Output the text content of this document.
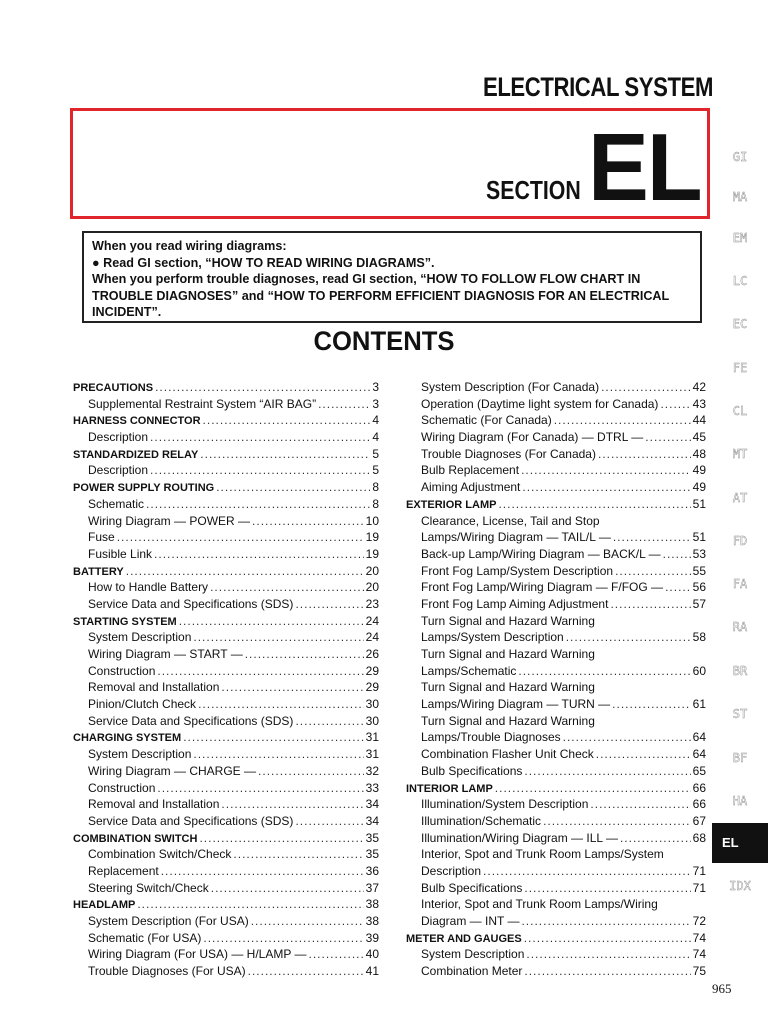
ELECTRICAL SYSTEM
SECTION EL
When you read wiring diagrams:
● Read GI section, “HOW TO READ WIRING DIAGRAMS”.
When you perform trouble diagnoses, read GI section, “HOW TO FOLLOW FLOW CHART IN
TROUBLE DIAGNOSES” and “HOW TO PERFORM EFFICIENT DIAGNOSIS FOR AN ELECTRICAL
INCIDENT”.
CONTENTS
PRECAUTIONS .....	3
Supplemental Restraint System “AIR BAG” .....	3
HARNESS CONNECTOR .....	4
Description .....	4
STANDARDIZED RELAY .....	5
Description .....	5
POWER SUPPLY ROUTING .....	8
Schematic .....	8
Wiring Diagram — POWER — .....	10
Fuse .....	19
Fusible Link .....	19
BATTERY .....	20
How to Handle Battery .....	20
Service Data and Specifications (SDS) .....	23
STARTING SYSTEM .....	24
System Description .....	24
Wiring Diagram — START — .....	26
Construction .....	29
Removal and Installation .....	29
Pinion/Clutch Check .....	30
Service Data and Specifications (SDS) .....	30
CHARGING SYSTEM .....	31
System Description .....	31
Wiring Diagram — CHARGE — .....	32
Construction .....	33
Removal and Installation .....	34
Service Data and Specifications (SDS) .....	34
COMBINATION SWITCH .....	35
Combination Switch/Check .....	35
Replacement .....	36
Steering Switch/Check .....	37
HEADLAMP .....	38
System Description (For USA) .....	38
Schematic (For USA) .....	39
Wiring Diagram (For USA) — H/LAMP — .....	40
Trouble Diagnoses (For USA) .....	41
System Description (For Canada) .....	42
Operation (Daytime light system for Canada) .....	43
Schematic (For Canada) .....	44
Wiring Diagram (For Canada) — DTRL — .....	45
Trouble Diagnoses (For Canada) .....	48
Bulb Replacement .....	49
Aiming Adjustment .....	49
EXTERIOR LAMP .....	51
Clearance, License, Tail and Stop
Lamps/Wiring Diagram — TAIL/L — .....	51
Back-up Lamp/Wiring Diagram — BACK/L — .....	53
Front Fog Lamp/System Description .....	55
Front Fog Lamp/Wiring Diagram — F/FOG — ..... 56
Front Fog Lamp Aiming Adjustment .....	57
Turn Signal and Hazard Warning
Lamps/System Description .....	58
Turn Signal and Hazard Warning
Lamps/Schematic .....	60
Turn Signal and Hazard Warning
Lamps/Wiring Diagram — TURN — .....	61
Turn Signal and Hazard Warning
Lamps/Trouble Diagnoses .....	64
Combination Flasher Unit Check .....	64
Bulb Specifications .....	65
INTERIOR LAMP .....	66
Illumination/System Description .....	66
Illumination/Schematic .....	67
Illumination/Wiring Diagram — ILL — .....	68
Interior, Spot and Trunk Room Lamps/System
Description .....	71
Bulb Specifications .....	71
Interior, Spot and Trunk Room Lamps/Wiring
Diagram — INT — .....	72
METER AND GAUGES .....	74
System Description .....	74
Combination Meter .....	75
GI
MA
EM
LC
EC
FE
CL
MT
AT
FD
FA
RA
BR
ST
BF
HA
EL
IDX
965
